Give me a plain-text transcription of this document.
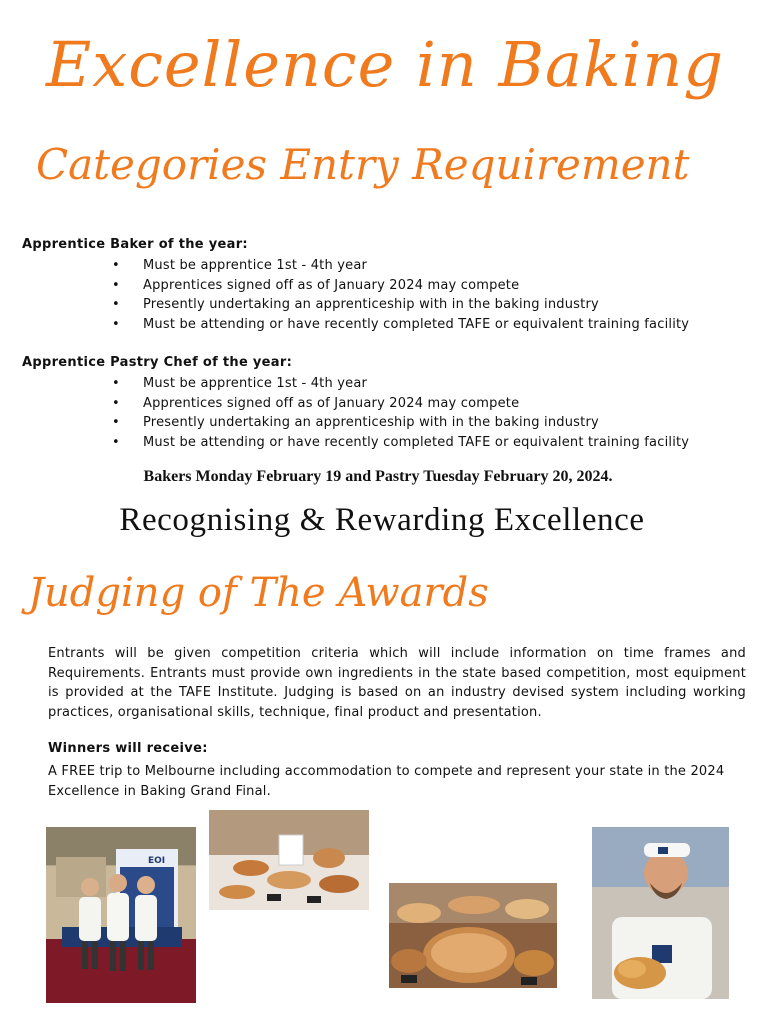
Excellence in Baking
Categories Entry Requirement
Apprentice Baker of the year:
• Must be apprentice 1st - 4th year
• Apprentices signed off as of January 2024 may compete
• Presently undertaking an apprenticeship with in the baking industry
• Must be attending or have recently completed TAFE or equivalent training facility
Apprentice Pastry Chef of the year:
• Must be apprentice 1st - 4th year
• Apprentices signed off as of January 2024 may compete
• Presently undertaking an apprenticeship with in the baking industry
• Must be attending or have recently completed TAFE or equivalent training facility
Bakers Monday February 19 and Pastry Tuesday February 20, 2024.
Recognising & Rewarding Excellence
Judging of The Awards
Entrants will be given competition criteria which will include information on time frames and Requirements. Entrants must provide own ingredients in the state based competition, most equipment is provided at the TAFE Institute. Judging is based on an industry devised system including working practices, organisational skills, technique, final product and presentation.
Winners will receive:
A FREE trip to Melbourne including accommodation to compete and represent your state in the 2024 Excellence in Baking Grand Final.
EOI
